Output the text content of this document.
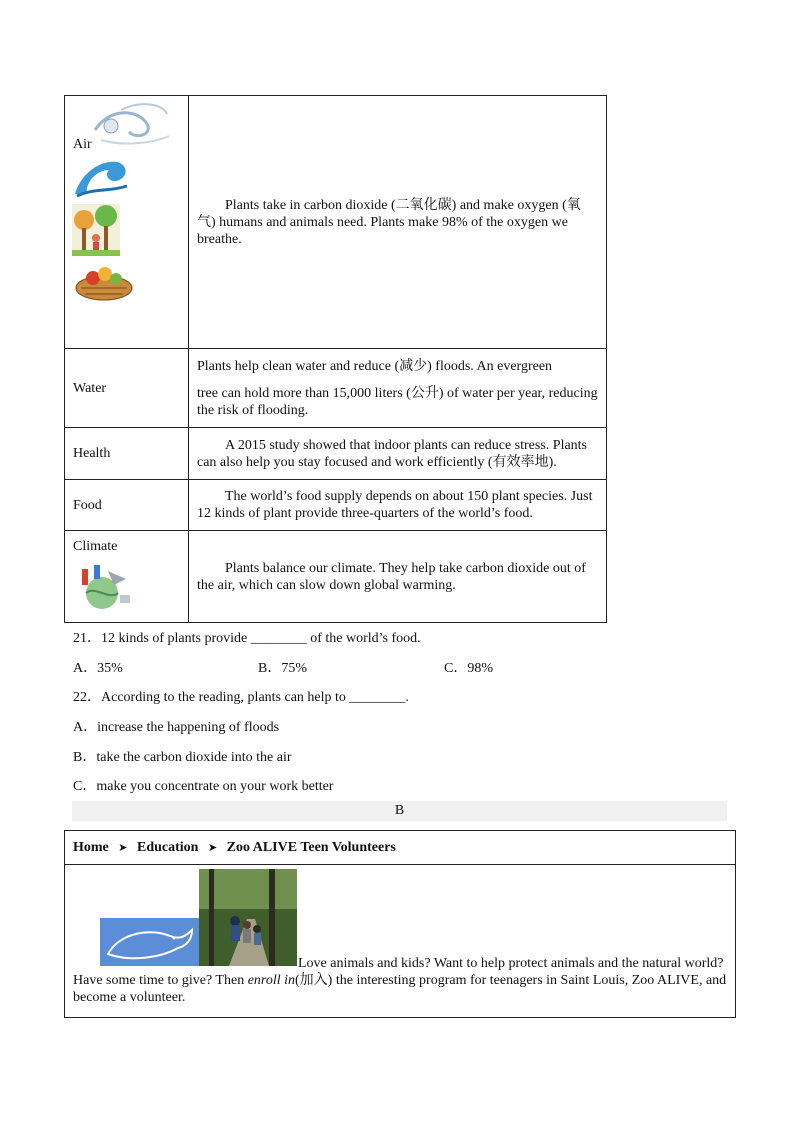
Air	Plants take in carbon dioxide (二氧化碳) and make oxygen (氧气) humans and animals need. Plants make 98% of the oxygen we breathe.
Water	Plants help clean water and reduce (减少) floods. An evergreen
tree can hold more than 15,000 liters (公升) of water per year, reducing the risk of flooding.

Health	A 2015 study showed that indoor plants can reduce stress. Plants can also help you stay focused and work efficiently (有效率地).
Food	The world’s food supply depends on about 150 plant species. Just 12 kinds of plant provide three-quarters of the world’s food.

Climate	Plants balance our climate. They help take carbon dioxide out of the air, which can slow down global warming.
21．12 kinds of plants provide ________ of the world’s food.
A．35%	B．75%	C．98%
22．According to the reading, plants can help to ________.
A．increase the happening of floods
B．take the carbon dioxide into the air
C．make you concentrate on your work better
B
Home ➤ Education ➤ Zoo ALIVE Teen Volunteers

Love animals and kids? Want to help protect animals and the natural world? Have some time to give? Then enroll in(加入) the interesting program for teenagers in Saint Louis, Zoo ALIVE, and become a volunteer.
